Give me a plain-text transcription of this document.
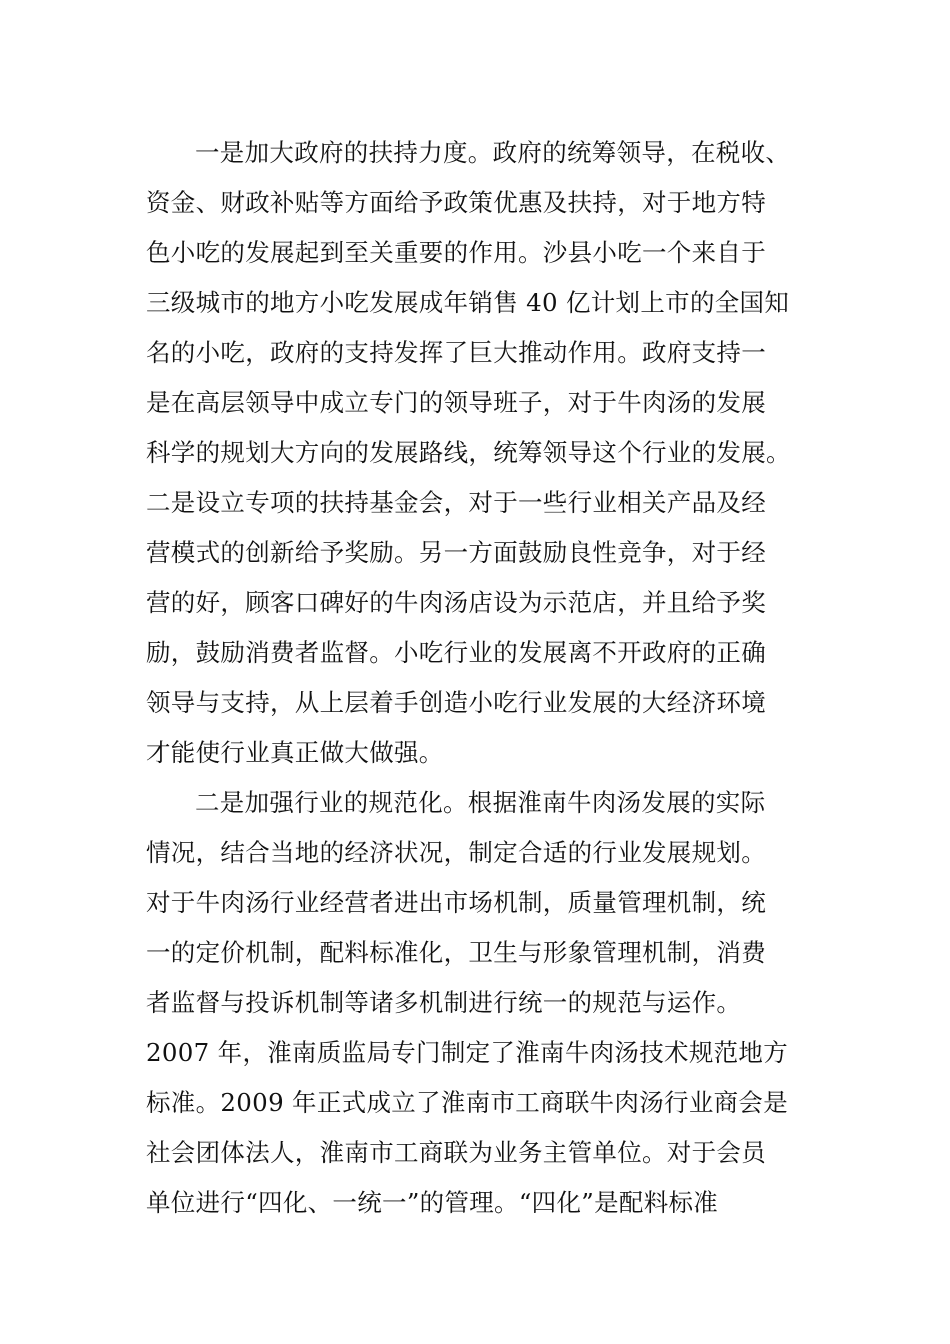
一是加大政府的扶持力度。政府的统筹领导，在税收、
资金、财政补贴等方面给予政策优惠及扶持，对于地方特
色小吃的发展起到至关重要的作用。沙县小吃一个来自于
三级城市的地方小吃发展成年销售 40 亿计划上市的全国知
名的小吃，政府的支持发挥了巨大推动作用。政府支持一
是在高层领导中成立专门的领导班子，对于牛肉汤的发展
科学的规划大方向的发展路线，统筹领导这个行业的发展。
二是设立专项的扶持基金会，对于一些行业相关产品及经
营模式的创新给予奖励。另一方面鼓励良性竞争，对于经
营的好，顾客口碑好的牛肉汤店设为示范店，并且给予奖
励，鼓励消费者监督。小吃行业的发展离不开政府的正确
领导与支持，从上层着手创造小吃行业发展的大经济环境
才能使行业真正做大做强。
二是加强行业的规范化。根据淮南牛肉汤发展的实际
情况，结合当地的经济状况，制定合适的行业发展规划。
对于牛肉汤行业经营者进出市场机制，质量管理机制，统
一的定价机制，配料标准化，卫生与形象管理机制，消费
者监督与投诉机制等诸多机制进行统一的规范与运作。
2007 年，淮南质监局专门制定了淮南牛肉汤技术规范地方
标准。2009 年正式成立了淮南市工商联牛肉汤行业商会是
社会团体法人，淮南市工商联为业务主管单位。对于会员
单位进行“四化、一统一”的管理。“四化”是配料标准
